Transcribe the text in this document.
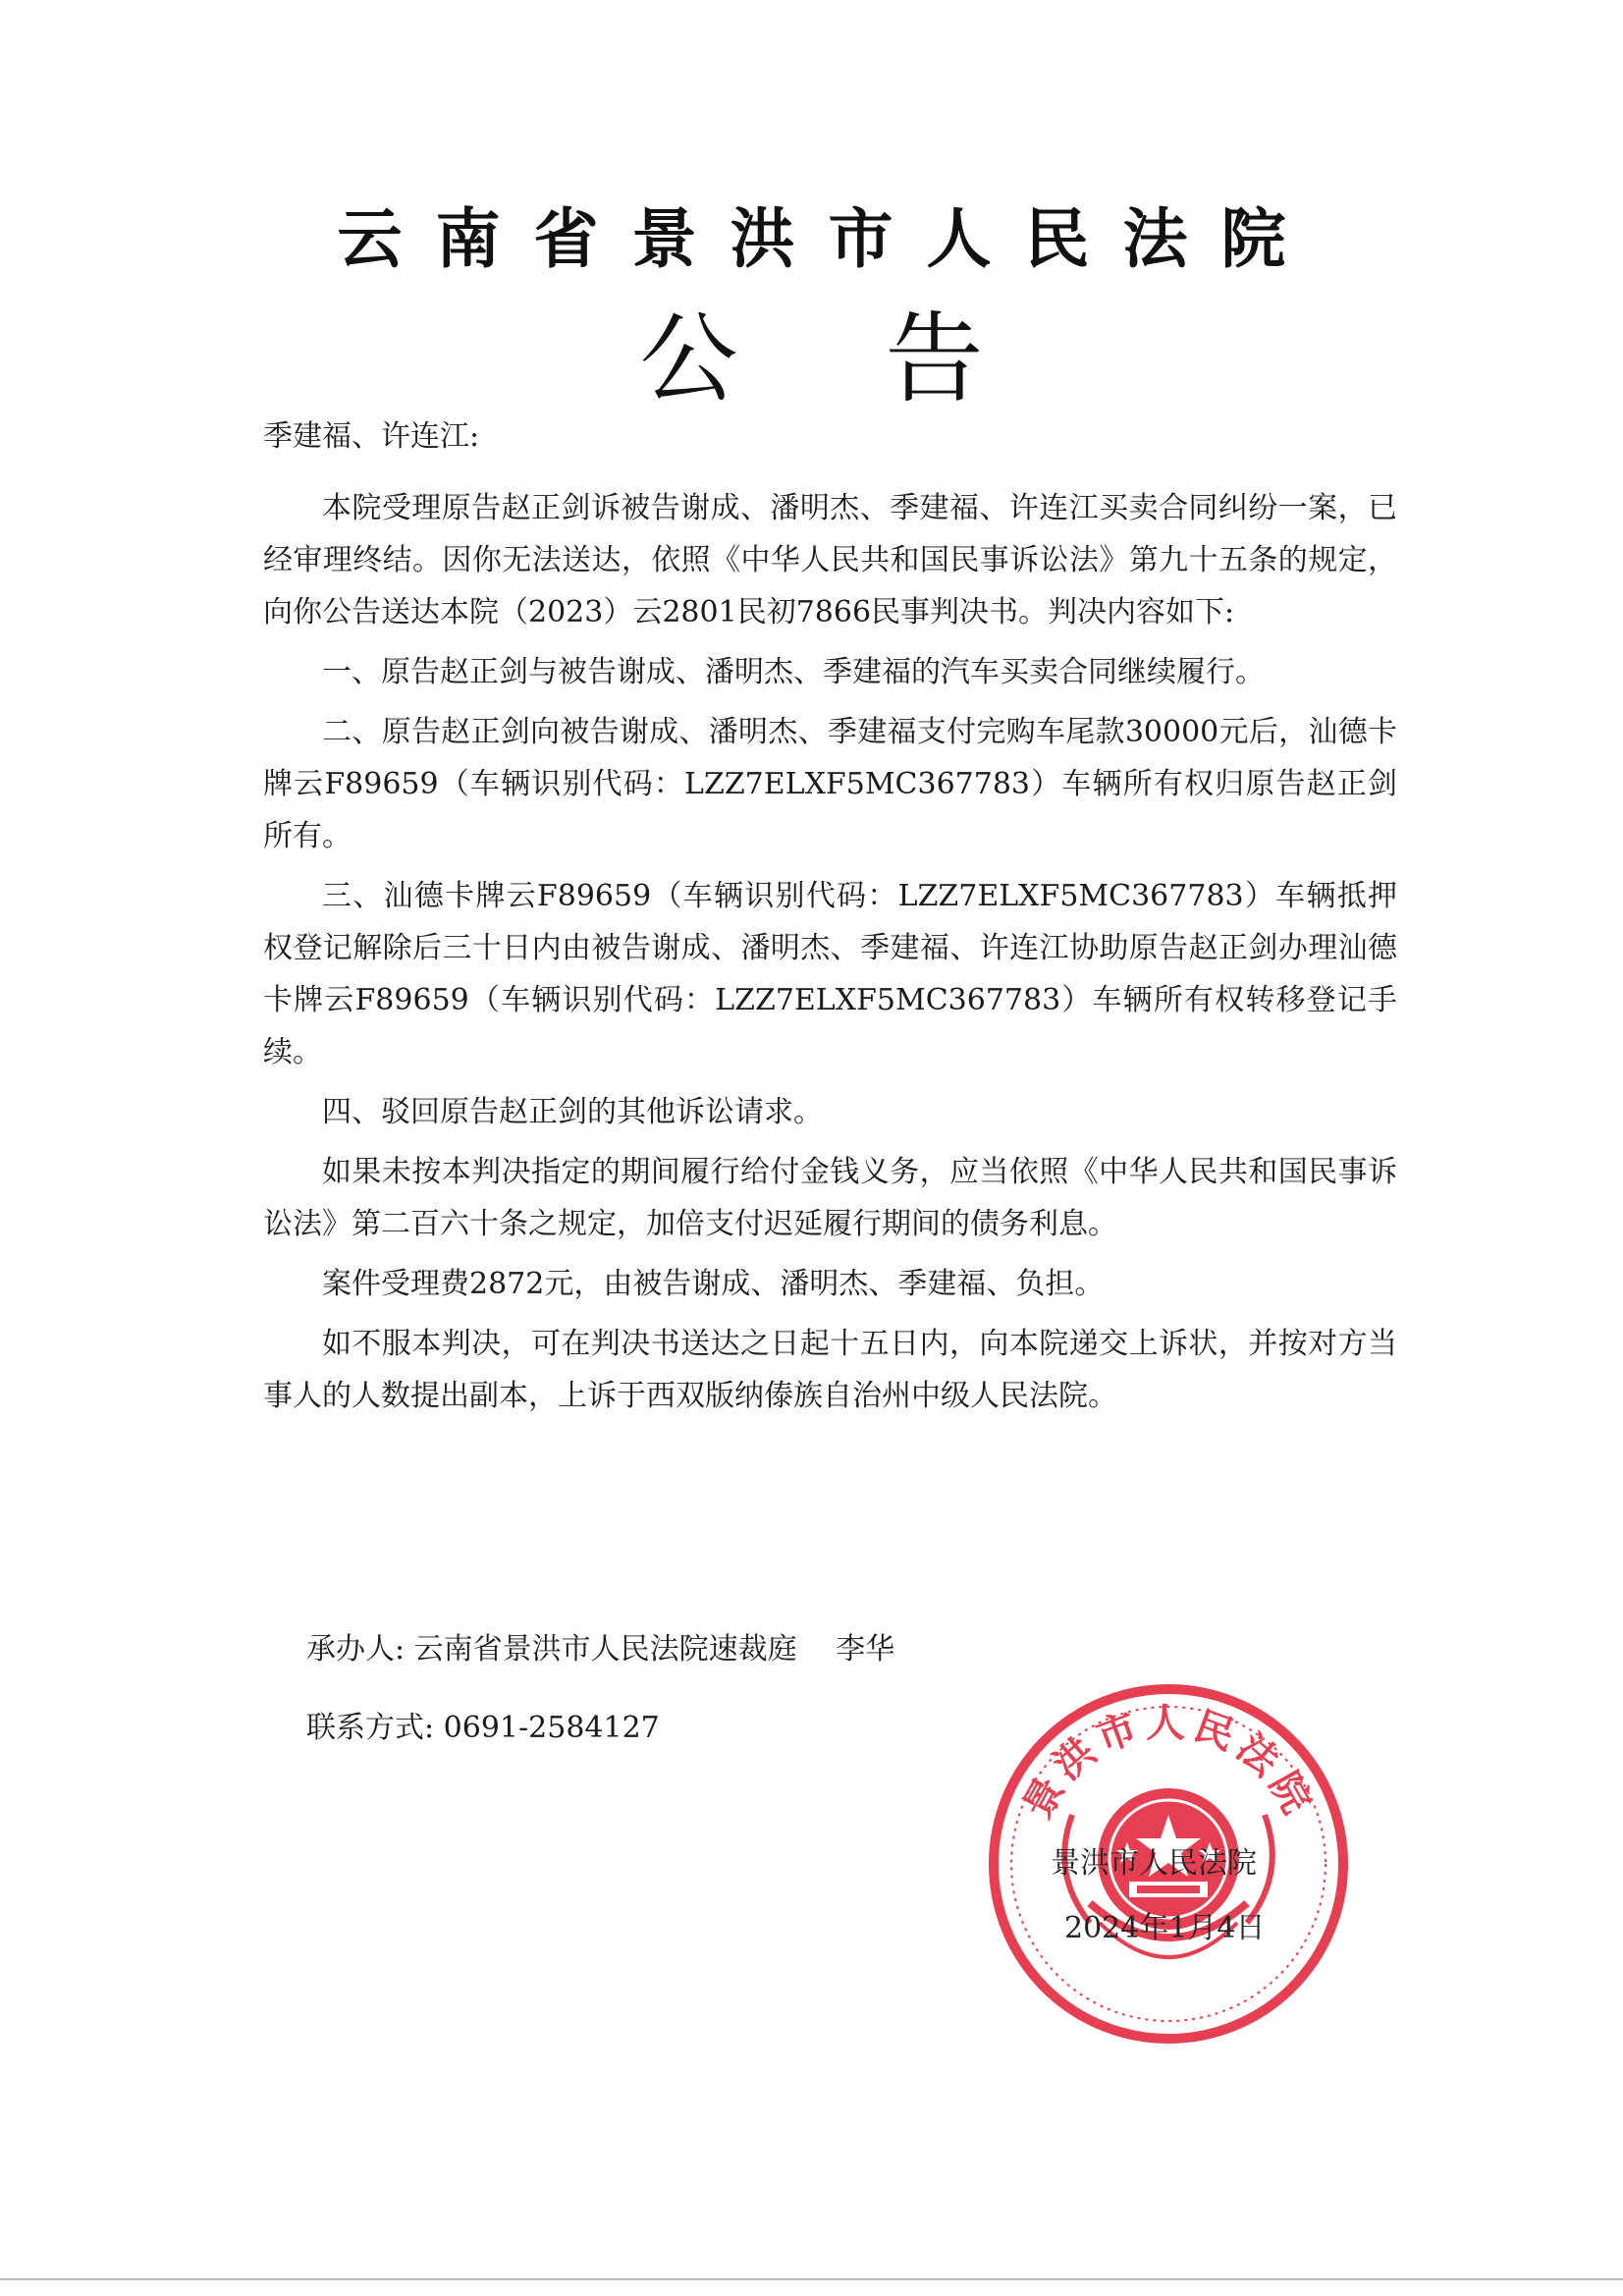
云南省景洪市人民法院
公告

季建福、许连江:

本院受理原告赵正剑诉被告谢成、潘明杰、季建福、许连江买卖合同纠纷一案，已经审理终结。因你无法送达，依照《中华人民共和国民事诉讼法》第九十五条的规定，向你公告送达本院（2023）云2801民初7866民事判决书。判决内容如下:

一、原告赵正剑与被告谢成、潘明杰、季建福的汽车买卖合同继续履行。

二、原告赵正剑向被告谢成、潘明杰、季建福支付完购车尾款30000元后，汕德卡牌云F89659（车辆识别代码：LZZ7ELXF5MC367783）车辆所有权归原告赵正剑所有。

三、汕德卡牌云F89659（车辆识别代码：LZZ7ELXF5MC367783）车辆抵押权登记解除后三十日内由被告谢成、潘明杰、季建福、许连江协助原告赵正剑办理汕德卡牌云F89659（车辆识别代码：LZZ7ELXF5MC367783）车辆所有权转移登记手续。

四、驳回原告赵正剑的其他诉讼请求。

如果未按本判决指定的期间履行给付金钱义务，应当依照《中华人民共和国民事诉讼法》第二百六十条之规定，加倍支付迟延履行期间的债务利息。

案件受理费2872元，由被告谢成、潘明杰、季建福、负担。

如不服本判决，可在判决书送达之日起十五日内，向本院递交上诉状，并按对方当事人的人数提出副本，上诉于西双版纳傣族自治州中级人民法院。

承办人: 云南省景洪市人民法院速裁庭 李华
联系方式: 0691-2584127
景洪市人民法院
景洪市人民法院
2024年1月4日
